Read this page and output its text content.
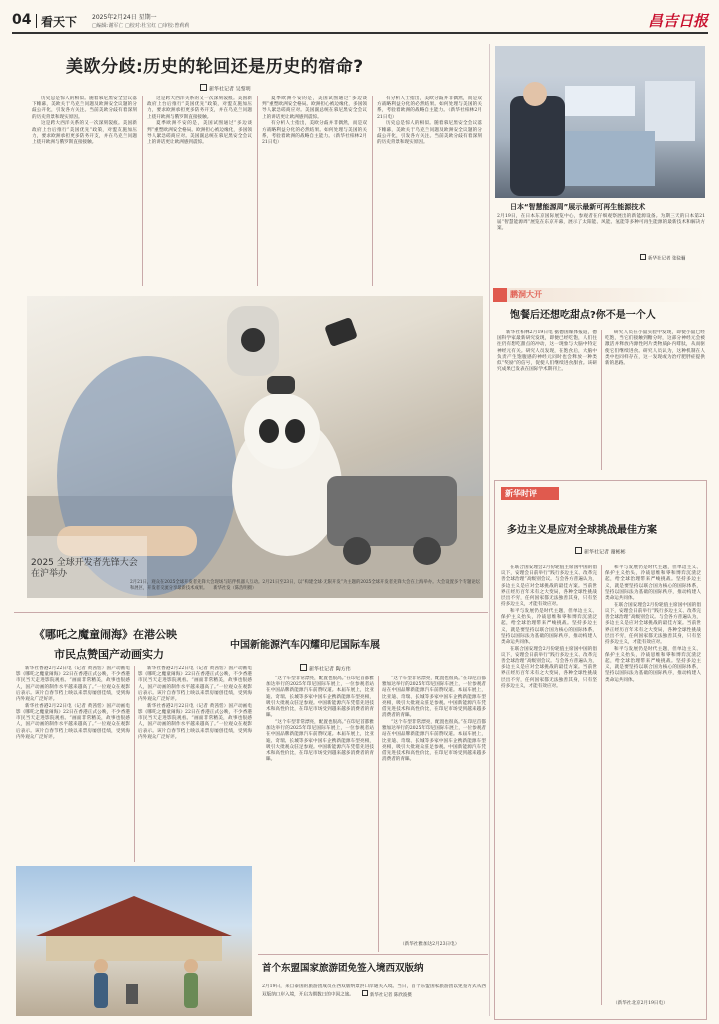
04 看天下 2025年2月24日 星期一
□编辑:谢军亡 □校对:杜宝红 □审校:曾莉莉	昌吉日报
美欧分歧:历史的轮回还是历史的宿命?
新华社记者 吴黎明

历史总是惊人的相似。随着慕尼黑安全会议落下帷幕，美欧关于乌克兰问题及欧洲安全议题的分歧公开化，引发各方关注。当前美欧分歧有着深刻的历史背景和现实原因。

这是跨大西洋关系的又一次深刻裂痕。美国新政府上台后推行“美国优先”政策，对盟友施加压力，要求欧洲承担更多防务开支，并在乌克兰问题上绕开欧洲与俄罗斯直接接触。

这是跨大西洋关系的又一次深刻裂痕。美国新政府上台后推行“美国优先”政策，对盟友施加压力，要求欧洲承担更多防务开支，并在乌克兰问题上绕开欧洲与俄罗斯直接接触。

夏季欧洲不安的是，美国试图通过“多边谈判”重塑欧洲安全格局。欧洲担心被边缘化，多国领导人紧急磋商应对。美国副总统在慕尼黑安全会议上的讲话更让欧洲感到震惊。

夏季欧洲不安的是，美国试图通过“多边谈判”重塑欧洲安全格局。欧洲担心被边缘化，多国领导人紧急磋商应对。美国副总统在慕尼黑安全会议上的讲话更让欧洲感到震惊。

有分析人士指出，美欧分歧并非偶然，而是双方战略利益分化的必然结果。如何处理与美国的关系，考验着欧洲的战略自主能力。（新华社柏林2月21日电）

有分析人士指出，美欧分歧并非偶然，而是双方战略利益分化的必然结果。如何处理与美国的关系，考验着欧洲的战略自主能力。（新华社柏林2月21日电）

历史总是惊人的相似。随着慕尼黑安全会议落下帷幕，美欧关于乌克兰问题及欧洲安全议题的分歧公开化，引发各方关注。当前美欧分歧有着深刻的历史背景和现实原因。

2025 全球开发者先锋大会在沪举办
2月21日，观众在2025全球开发者先锋大会现场与陪伴机器人互动。2月21日至23日，以“构建全球·无限开发”为主题的2025全球开发者先锋大会在上海举办。大会设置多个专题论坛和展区，开发者交流分享最新技术成果。 新华社发（陈浩明摄）
日本“智慧能源周”展示最新可再生能源技术
2月19日，在日本东京国际展览中心，参观者在仔细观察展出的新能源设备。为期三天的日本第21届“智慧能源周”展览在东京开幕，展示了太阳能、风能、氢能等多种可再生能源的最新技术和解决方案。
新华社记者 张骁骊
鹏洞大开
饱餐后还想吃甜点?你不是一个人

新华社柏林2月19日电 据德国媒体报道，德国科学家最新研究发现，即便已经吃饱，人们往往仍有想吃甜点的冲动，这一现象与大脑中特定神经元有关。研究人员发现，在饱食后，大脑中负责产生饱腹感的神经元同时也会释放一种类似“奖励”的信号，促使人们继续进食甜食。该研究成果已发表在国际学术期刊上。

研究人员在小鼠实验中发现，即使小鼠已经吃饱，当它们接触到糖分时，这部分神经元会被激活并释放内源性阿片类物质β-内啡肽，从而驱使它们继续进食。研究人员认为，这种机制在人类中也同样存在，这一发现或为治疗肥胖症提供新的思路。

新华时评
多边主义是应对全球挑战最佳方案
新华社记者 谢彬彬

在联合国安理会2月份轮值主席国中国的倡议下，安理会日前举行“践行多边主义、改革完善全球治理”高级别会议。与会各方普遍认为，多边主义是应对全球挑战的最佳方案。当前世界正经历百年未有之大变局，各种全球性挑战层出不穷，任何国家都无法独善其身，只有坚持多边主义，才能有效应对。

和平与发展仍是时代主题，但单边主义、保护主义抬头，冷战思维和零和博弈沉渣泛起，给全球治理带来严峻挑战。坚持多边主义，就是要坚持以联合国为核心的国际体系，坚持以国际法为基础的国际秩序，推动构建人类命运共同体。

在联合国安理会2月份轮值主席国中国的倡议下，安理会日前举行“践行多边主义、改革完善全球治理”高级别会议。与会各方普遍认为，多边主义是应对全球挑战的最佳方案。当前世界正经历百年未有之大变局，各种全球性挑战层出不穷，任何国家都无法独善其身，只有坚持多边主义，才能有效应对。

和平与发展仍是时代主题，但单边主义、保护主义抬头，冷战思维和零和博弈沉渣泛起，给全球治理带来严峻挑战。坚持多边主义，就是要坚持以联合国为核心的国际体系，坚持以国际法为基础的国际秩序，推动构建人类命运共同体。

在联合国安理会2月份轮值主席国中国的倡议下，安理会日前举行“践行多边主义、改革完善全球治理”高级别会议。与会各方普遍认为，多边主义是应对全球挑战的最佳方案。当前世界正经历百年未有之大变局，各种全球性挑战层出不穷，任何国家都无法独善其身，只有坚持多边主义，才能有效应对。

和平与发展仍是时代主题，但单边主义、保护主义抬头，冷战思维和零和博弈沉渣泛起，给全球治理带来严峻挑战。坚持多边主义，就是要坚持以联合国为核心的国际体系，坚持以国际法为基础的国际秩序，推动构建人类命运共同体。

（新华社北京2月19日电）
《哪吒之魔童闹海》在港公映
市民点赞国产动画实力

新华社香港2月22日电（记者 黄茜恬）国产动画电影《哪吒之魔童闹海》22日在香港正式公映，不少香港市民当天走进影院观看。“画面非常精美，故事也很感人，国产动画的制作水平越来越高了。”一位观众在观影后表示。该片自春节档上映以来票房屡创佳绩，受到海内外观众广泛好评。

新华社香港2月22日电（记者 黄茜恬）国产动画电影《哪吒之魔童闹海》22日在香港正式公映，不少香港市民当天走进影院观看。“画面非常精美，故事也很感人，国产动画的制作水平越来越高了。”一位观众在观影后表示。该片自春节档上映以来票房屡创佳绩，受到海内外观众广泛好评。

新华社香港2月22日电（记者 黄茜恬）国产动画电影《哪吒之魔童闹海》22日在香港正式公映，不少香港市民当天走进影院观看。“画面非常精美，故事也很感人，国产动画的制作水平越来越高了。”一位观众在观影后表示。该片自春节档上映以来票房屡创佳绩，受到海内外观众广泛好评。

新华社香港2月22日电（记者 黄茜恬）国产动画电影《哪吒之魔童闹海》22日在香港正式公映，不少香港市民当天走进影院观看。“画面非常精美，故事也很感人，国产动画的制作水平越来越高了。”一位观众在观影后表示。该片自春节档上映以来票房屡创佳绩，受到海内外观众广泛好评。

中国新能源汽车闪耀印尼国际车展
新华社记者 陶方伟

“这个车型非常漂亮，配置也很高。”在印尼首都雅加达举行的2025年印尼国际车展上，一位参观者站在中国品牌新能源汽车前赞叹道。本届车展上，比亚迪、奇瑞、长城等多家中国车企携新能源车型亮相，吸引大批观众驻足参观。中国新能源汽车凭借先进技术和高性价比，在印尼市场受到越来越多消费者的青睐。

“这个车型非常漂亮，配置也很高。”在印尼首都雅加达举行的2025年印尼国际车展上，一位参观者站在中国品牌新能源汽车前赞叹道。本届车展上，比亚迪、奇瑞、长城等多家中国车企携新能源车型亮相，吸引大批观众驻足参观。中国新能源汽车凭借先进技术和高性价比，在印尼市场受到越来越多消费者的青睐。

“这个车型非常漂亮，配置也很高。”在印尼首都雅加达举行的2025年印尼国际车展上，一位参观者站在中国品牌新能源汽车前赞叹道。本届车展上，比亚迪、奇瑞、长城等多家中国车企携新能源车型亮相，吸引大批观众驻足参观。中国新能源汽车凭借先进技术和高性价比，在印尼市场受到越来越多消费者的青睐。

“这个车型非常漂亮，配置也很高。”在印尼首都雅加达举行的2025年印尼国际车展上，一位参观者站在中国品牌新能源汽车前赞叹道。本届车展上，比亚迪、奇瑞、长城等多家中国车企携新能源车型亮相，吸引大批观众驻足参观。中国新能源汽车凭借先进技术和高性价比，在印尼市场受到越来越多消费者的青睐。

（新华社雅加达2月23日电）
首个东盟国家旅游团免签入境西双版纳
2月19日，来自泰国的旅游团成员在西双版纳景洪口岸通关入境。当日，首个东盟国家旅游团以免签方式从西双版纳口岸入境，开启为期数日的中国之旅。	新华社记者 陈欣波摄
